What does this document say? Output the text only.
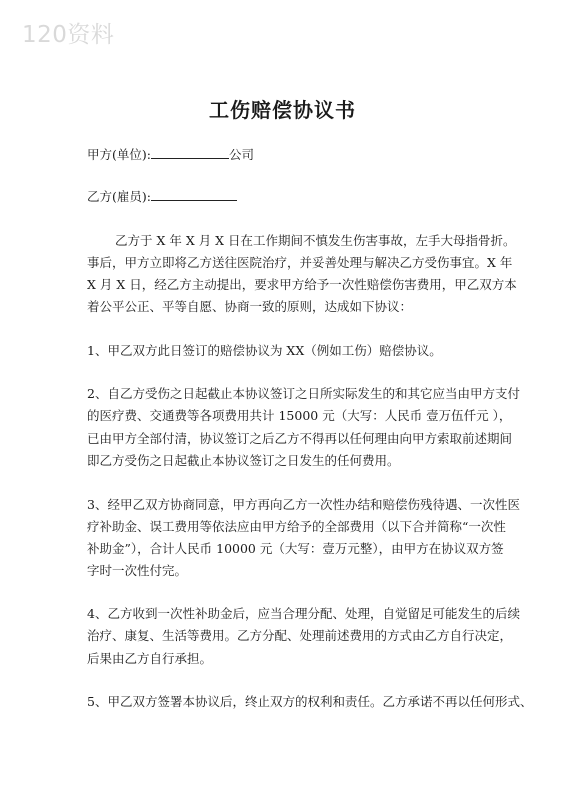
120资料
工伤赔偿协议书
甲方(单位):	公司
乙方(雇员):
乙方于 X 年 X 月 X 日在工作期间不慎发生伤害事故，左手大母指骨折。
事后，甲方立即将乙方送往医院治疗，并妥善处理与解决乙方受伤事宜。X 年
X 月 X 日，经乙方主动提出，要求甲方给予一次性赔偿伤害费用，甲乙双方本
着公平公正、平等自愿、协商一致的原则，达成如下协议：
1、甲乙双方此日签订的赔偿协议为 XX（例如工伤）赔偿协议。
2、自乙方受伤之日起截止本协议签订之日所实际发生的和其它应当由甲方支付
的医疗费、交通费等各项费用共计 15000 元（大写：人民币 壹万伍仟元 ），
已由甲方全部付清，协议签订之后乙方不得再以任何理由向甲方索取前述期间
即乙方受伤之日起截止本协议签订之日发生的任何费用。
3、经甲乙双方协商同意，甲方再向乙方一次性办结和赔偿伤残待遇、一次性医
疗补助金、误工费用等依法应由甲方给予的全部费用（以下合并简称“一次性
补助金”），合计人民币 10000 元（大写：壹万元整），由甲方在协议双方签
字时一次性付完。
4、乙方收到一次性补助金后，应当合理分配、处理，自觉留足可能发生的后续
治疗、康复、生活等费用。乙方分配、处理前述费用的方式由乙方自行决定，
后果由乙方自行承担。
5、甲乙双方签署本协议后，终止双方的权利和责任。乙方承诺不再以任何形式、
